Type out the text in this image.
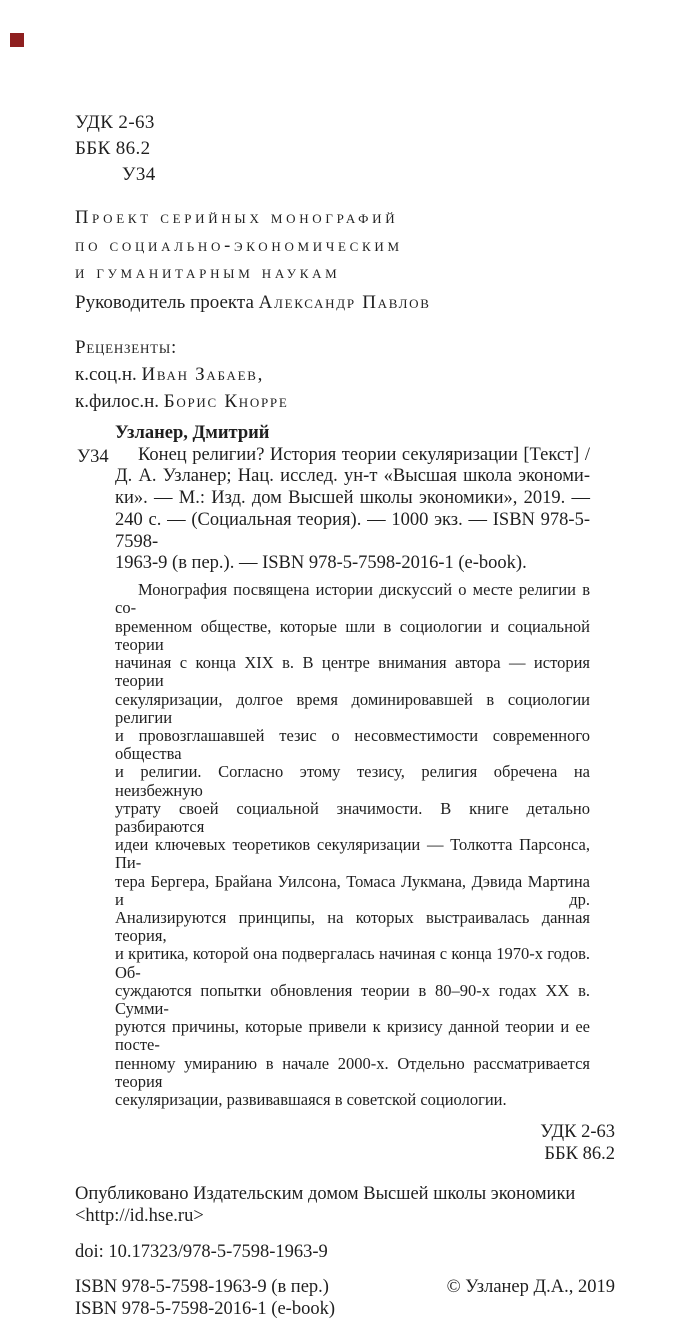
УДК 2-63
ББК 86.2
У34
Проект серийных монографий
по социально-экономическим
и гуманитарным наукам
Руководитель проекта Александр Павлов
Рецензенты:
к.соц.н. Иван Забаев,
к.филос.н. Борис Кнорре
Узланер, Дмитрий
У34	Конец религии? История теории секуляризации [Текст] /
Д. А. Узланер; Нац. исслед. ун-т «Высшая школа экономи-
ки». — М.: Изд. дом Высшей школы экономики», 2019. —
240 с. — (Социальная теория). — 1000 экз. — ISBN 978-5-7598-
1963-9 (в пер.). — ISBN 978-5-7598-2016-1 (e-book).
Монография посвящена истории дискуссий о месте религии в со-
временном обществе, которые шли в социологии и социальной теории
начиная с конца XIX в. В центре внимания автора — история теории
секуляризации, долгое время доминировавшей в социологии религии
и провозглашавшей тезис о несовместимости современного общества
и религии. Согласно этому тезису, религия обречена на неизбежную
утрату своей социальной значимости. В книге детально разбираются
идеи ключевых теоретиков секуляризации — Толкотта Парсонса, Пи-
тера Бергера, Брайана Уилсона, Томаса Лукмана, Дэвида Мартина и др.
Анализируются принципы, на которых выстраивалась данная теория,
и критика, которой она подвергалась начиная с конца 1970-х годов. Об-
суждаются попытки обновления теории в 80–90-х годах XX в. Сумми-
руются причины, которые привели к кризису данной теории и ее посте-
пенному умиранию в начале 2000-х. Отдельно рассматривается теория
секуляризации, развивавшаяся в советской социологии.
УДК 2-63
ББК 86.2
Опубликовано Издательским домом Высшей школы экономики
<http://id.hse.ru>
doi: 10.17323/978-5-7598-1963-9
ISBN 978-5-7598-1963-9 (в пер.)
ISBN 978-5-7598-2016-1 (e-book)
© Узланер Д.А., 2019
